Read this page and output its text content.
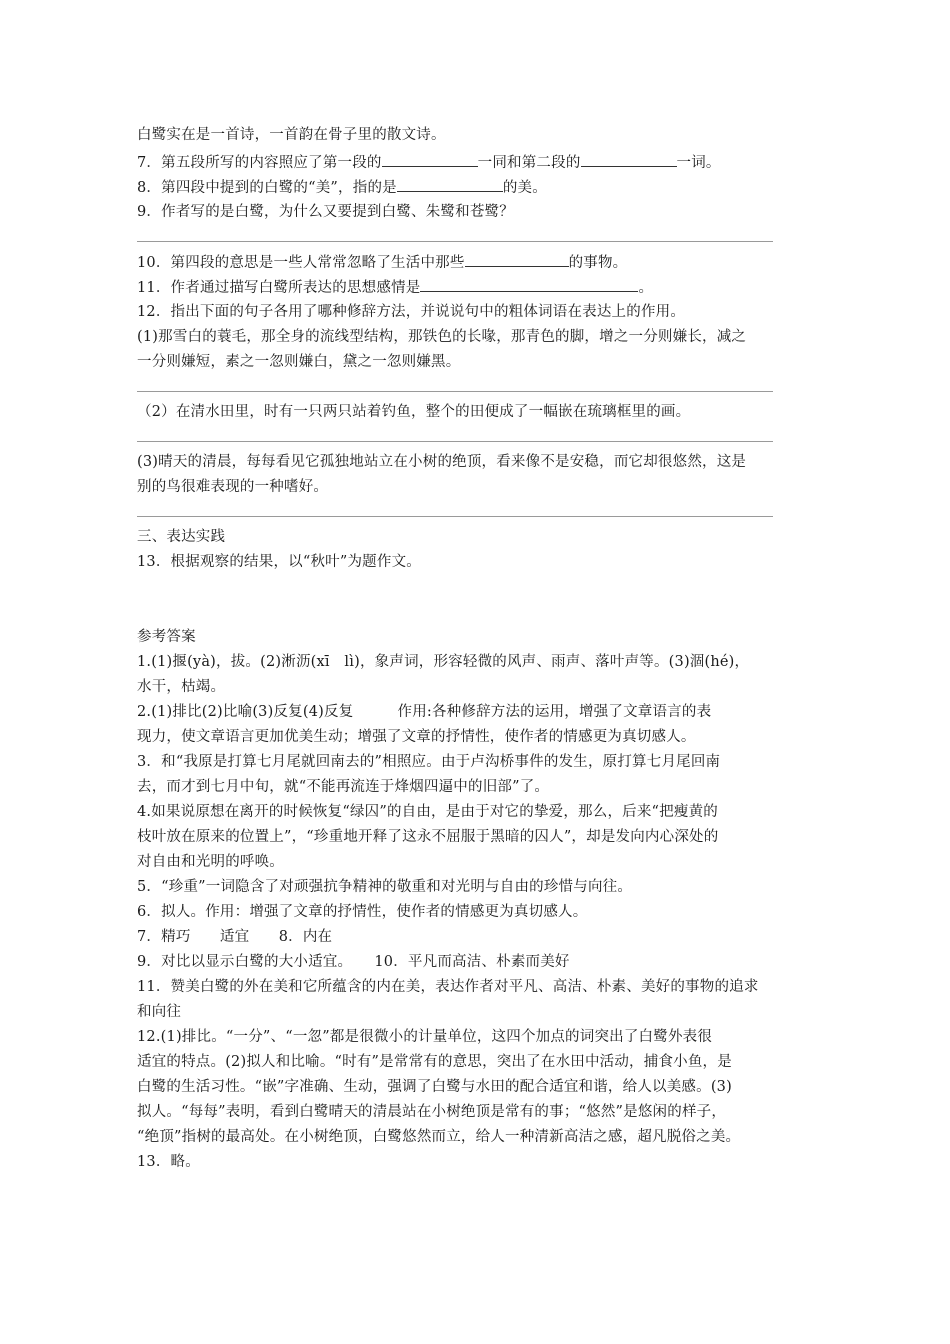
白鹭实在是一首诗，一首韵在骨子里的散文诗。
7．第五段所写的内容照应了第一段的	一同和第二段的	一词。
8．第四段中提到的白鹭的“美”，指的是	的美。
9．作者写的是白鹭，为什么又要提到白鹭、朱鹭和苍鹭？
10．第四段的意思是一些人常常忽略了生活中那些	的事物。
11．作者通过描写白鹭所表达的思想感情是	。
12．指出下面的句子各用了哪种修辞方法，并说说句中的粗体词语在表达上的作用。
(1)那雪白的蓑毛，那全身的流线型结构，那铁色的长喙，那青色的脚，增之一分则嫌长，减之
一分则嫌短，素之一忽则嫌白，黛之一忽则嫌黑。
（2）在清水田里，时有一只两只站着钓鱼，整个的田便成了一幅嵌在琉璃框里的画。
(3)晴天的清晨，每每看见它孤独地站立在小树的绝顶，看来像不是安稳，而它却很悠然，这是
别的鸟很难表现的一种嗜好。
三、表达实践
13．根据观察的结果，以“秋叶”为题作文。
参考答案
1.(1)揠(yà)，拔。(2)淅沥(xī　lì)，象声词，形容轻微的风声、雨声、落叶声等。(3)涸(hé)，
水干，枯竭。
2.(1)排比(2)比喻(3)反复(4)反复　　　作用:各种修辞方法的运用，增强了文章语言的表
现力，使文章语言更加优美生动；增强了文章的抒情性，使作者的情感更为真切感人。
3．和“我原是打算七月尾就回南去的”相照应。由于卢沟桥事件的发生，原打算七月尾回南
去，而才到七月中旬，就“不能再流连于烽烟四逼中的旧部”了。
4.如果说原想在离开的时候恢复“绿囚”的自由，是由于对它的挚爱，那么，后来“把瘦黄的
枝叶放在原来的位置上”，“珍重地开释了这永不屈服于黑暗的囚人”，却是发向内心深处的
对自由和光明的呼唤。
5．“珍重”一词隐含了对顽强抗争精神的敬重和对光明与自由的珍惜与向往。
6．拟人。作用：增强了文章的抒情性，使作者的情感更为真切感人。
7．精巧　　适宜　　8．内在
9．对比以显示白鹭的大小适宜。　　10．平凡而高洁、朴素而美好
11．赞美白鹭的外在美和它所蕴含的内在美，表达作者对平凡、高洁、朴素、美好的事物的追求
和向往
12.(1)排比。“一分”、“一忽”都是很微小的计量单位，这四个加点的词突出了白鹭外表很
适宜的特点。(2)拟人和比喻。“时有”是常常有的意思，突出了在水田中活动，捕食小鱼，是
白鹭的生活习性。“嵌”字准确、生动，强调了白鹭与水田的配合适宜和谐，给人以美感。(3)
拟人。“每每”表明，看到白鹭晴天的清晨站在小树绝顶是常有的事；“悠然”是悠闲的样子，
“绝顶”指树的最高处。在小树绝顶，白鹭悠然而立，给人一种清新高洁之感，超凡脱俗之美。
13．略。
